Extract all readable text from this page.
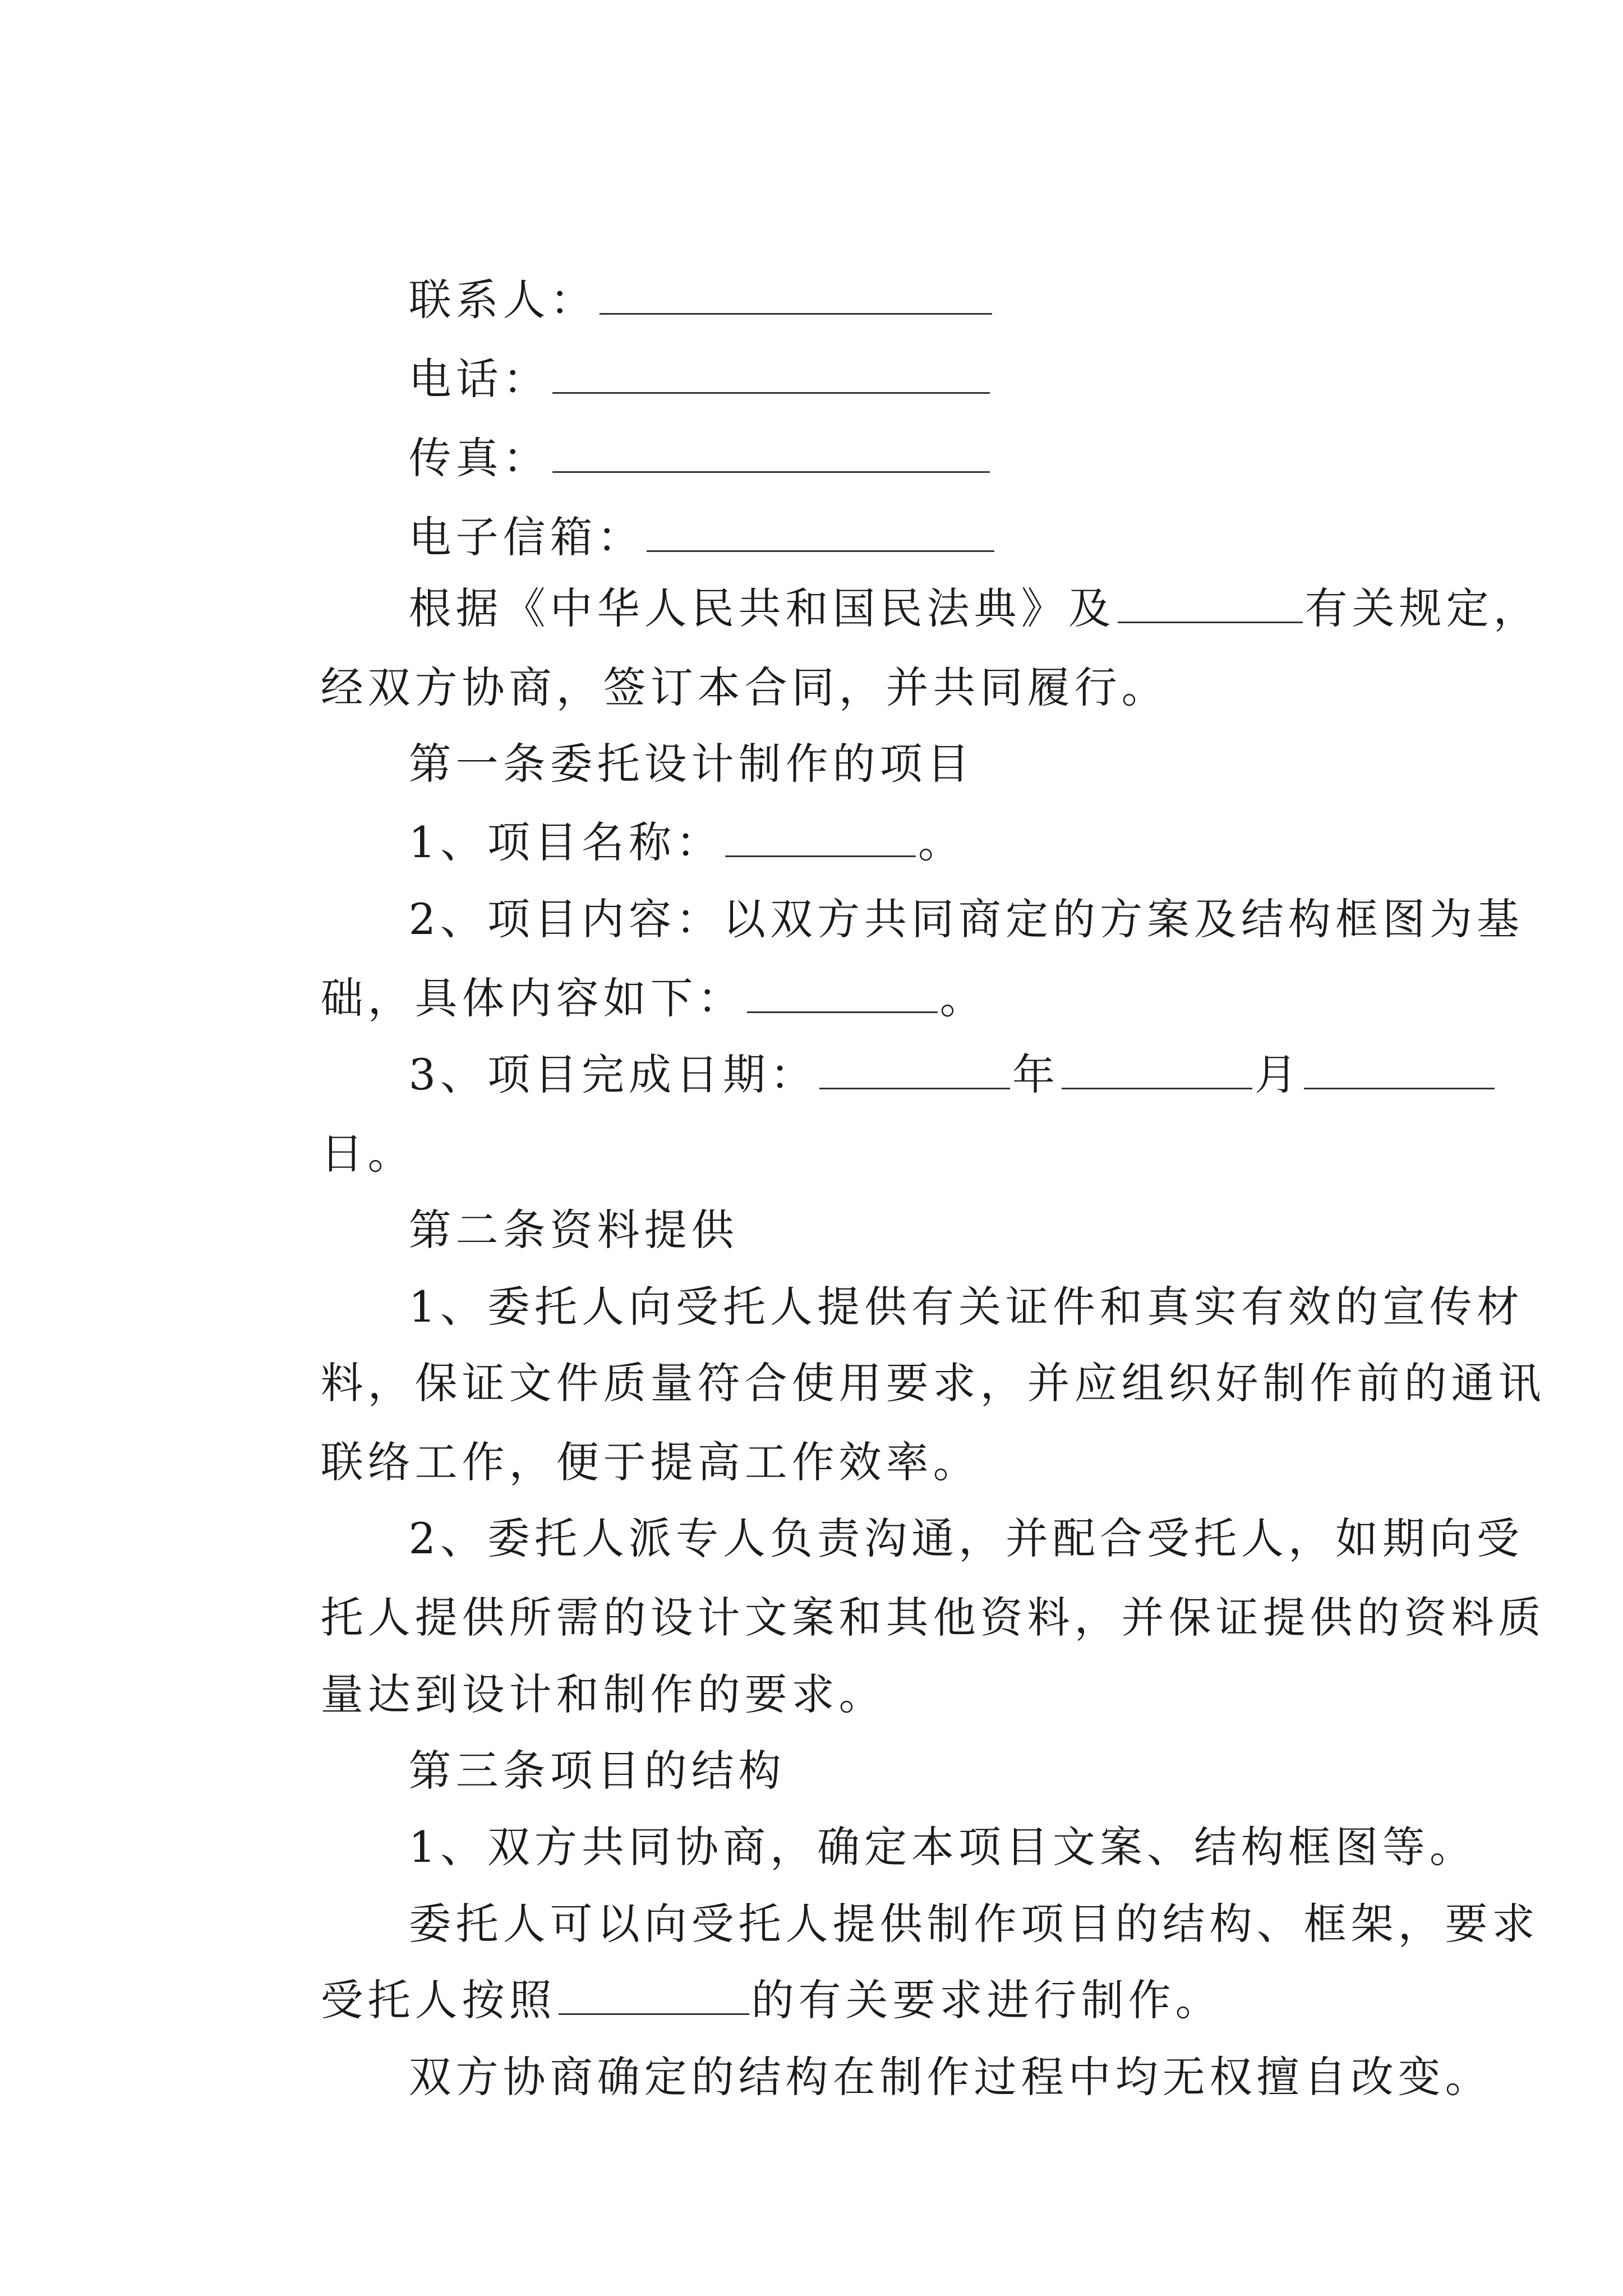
联系人：

电话：

传真：

电子信箱：

根据《中华人民共和国民法典》及	有关规定，

经双方协商，签订本合同，并共同履行。

第一条委托设计制作的项目

1、项目名称：	。

2、项目内容：以双方共同商定的方案及结构框图为基

础，具体内容如下：	。

3、项目完成日期：	年	月

日。

第二条资料提供

1、委托人向受托人提供有关证件和真实有效的宣传材

料，保证文件质量符合使用要求，并应组织好制作前的通讯

联络工作，便于提高工作效率。

2、委托人派专人负责沟通，并配合受托人，如期向受

托人提供所需的设计文案和其他资料，并保证提供的资料质

量达到设计和制作的要求。

第三条项目的结构

1、双方共同协商，确定本项目文案、结构框图等。

委托人可以向受托人提供制作项目的结构、框架，要求

受托人按照	的有关要求进行制作。

双方协商确定的结构在制作过程中均无权擅自改变。
